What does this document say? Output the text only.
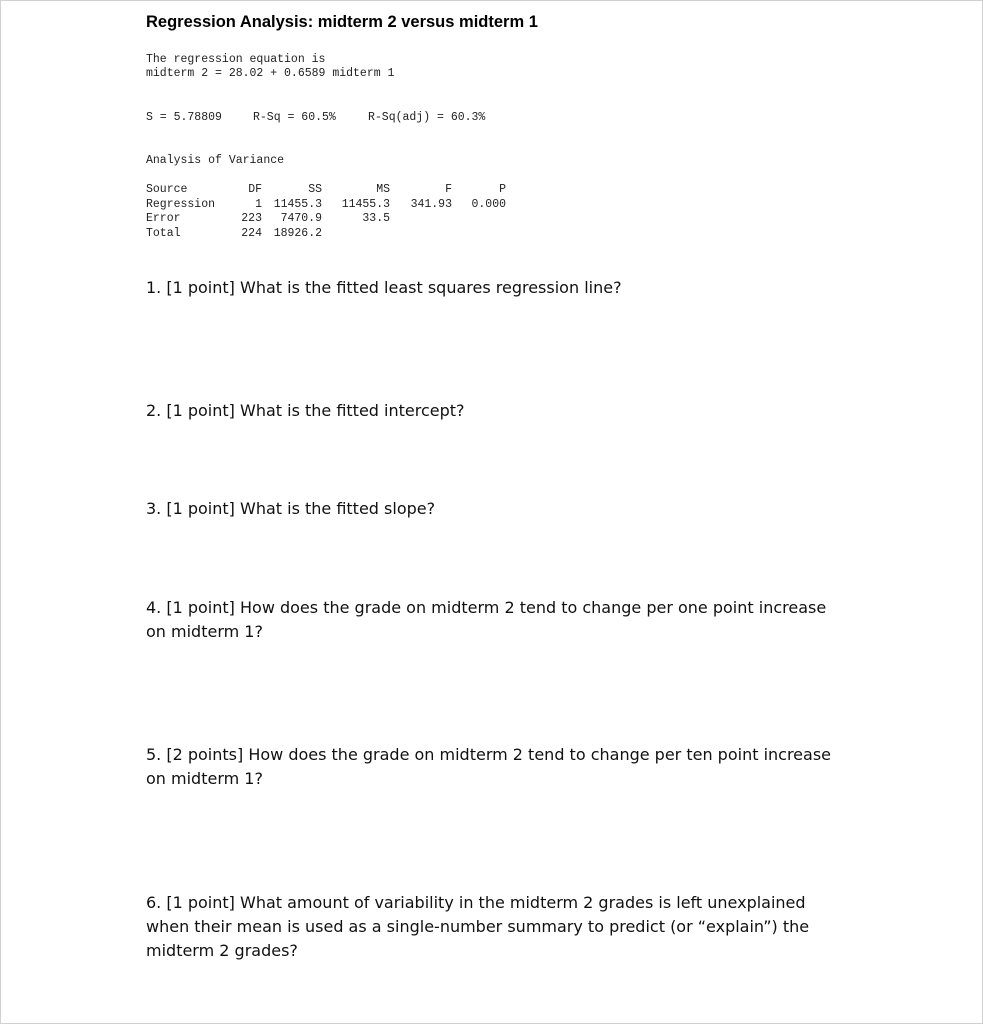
Regression Analysis: midterm 2 versus midterm 1
The regression equation is
midterm 2 = 28.02 + 0.6589 midterm 1
S = 5.78809	R-Sq = 60.5%	R-Sq(adj) = 60.3%
Analysis of Variance
Source	DF	SS	MS	F	P
Regression	1	11455.3	11455.3	341.93	0.000
Error	223	7470.9	33.5		
Total	224	18926.2			
1. [1 point] What is the fitted least squares regression line?
2. [1 point] What is the fitted intercept?
3. [1 point] What is the fitted slope?
4. [1 point] How does the grade on midterm 2 tend to change per one point increase on midterm 1?
5. [2 points] How does the grade on midterm 2 tend to change per ten point increase on midterm 1?
6. [1 point] What amount of variability in the midterm 2 grades is left unexplained when their mean is used as a single-number summary to predict (or “explain”) the midterm 2 grades?
